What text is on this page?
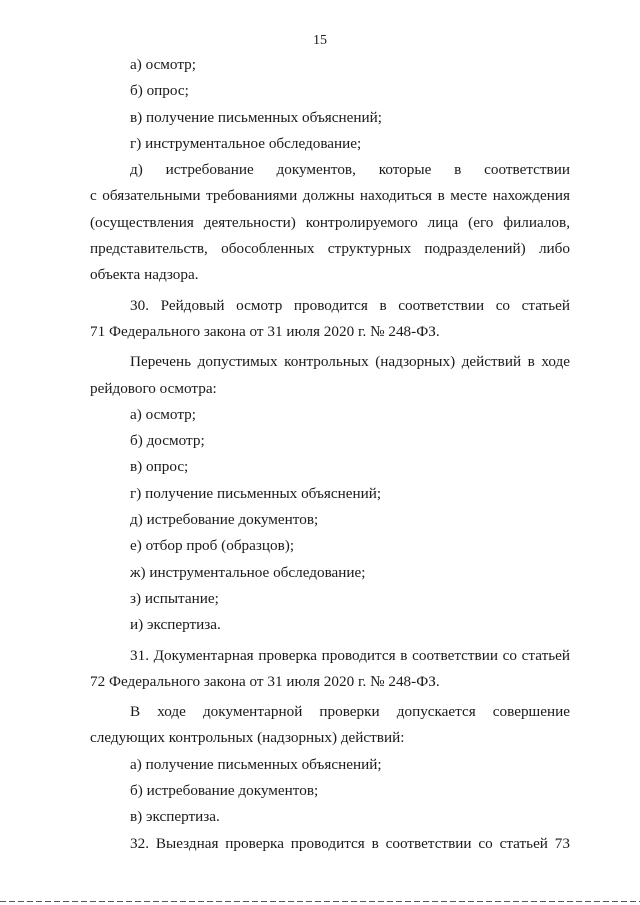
15
а) осмотр;
б) опрос;
в) получение письменных объяснений;
г) инструментальное обследование;
д) истребование документов, которые в соответствии
с обязательными требованиями должны находиться в месте нахождения
(осуществления деятельности) контролируемого лица (его филиалов,
представительств, обособленных структурных подразделений) либо
объекта надзора.
30. Рейдовый осмотр проводится в соответствии со статьей
71 Федерального закона от 31 июля 2020 г. № 248-ФЗ.
Перечень допустимых контрольных (надзорных) действий в ходе
рейдового осмотра:
а) осмотр;
б) досмотр;
в) опрос;
г) получение письменных объяснений;
д) истребование документов;
е) отбор проб (образцов);
ж) инструментальное обследование;
з) испытание;
и) экспертиза.
31. Документарная проверка проводится в соответствии со статьей
72 Федерального закона от 31 июля 2020 г. № 248-ФЗ.
В ходе документарной проверки допускается совершение
следующих контрольных (надзорных) действий:
а) получение письменных объяснений;
б) истребование документов;
в) экспертиза.
32. Выездная проверка проводится в соответствии со статьей 73
